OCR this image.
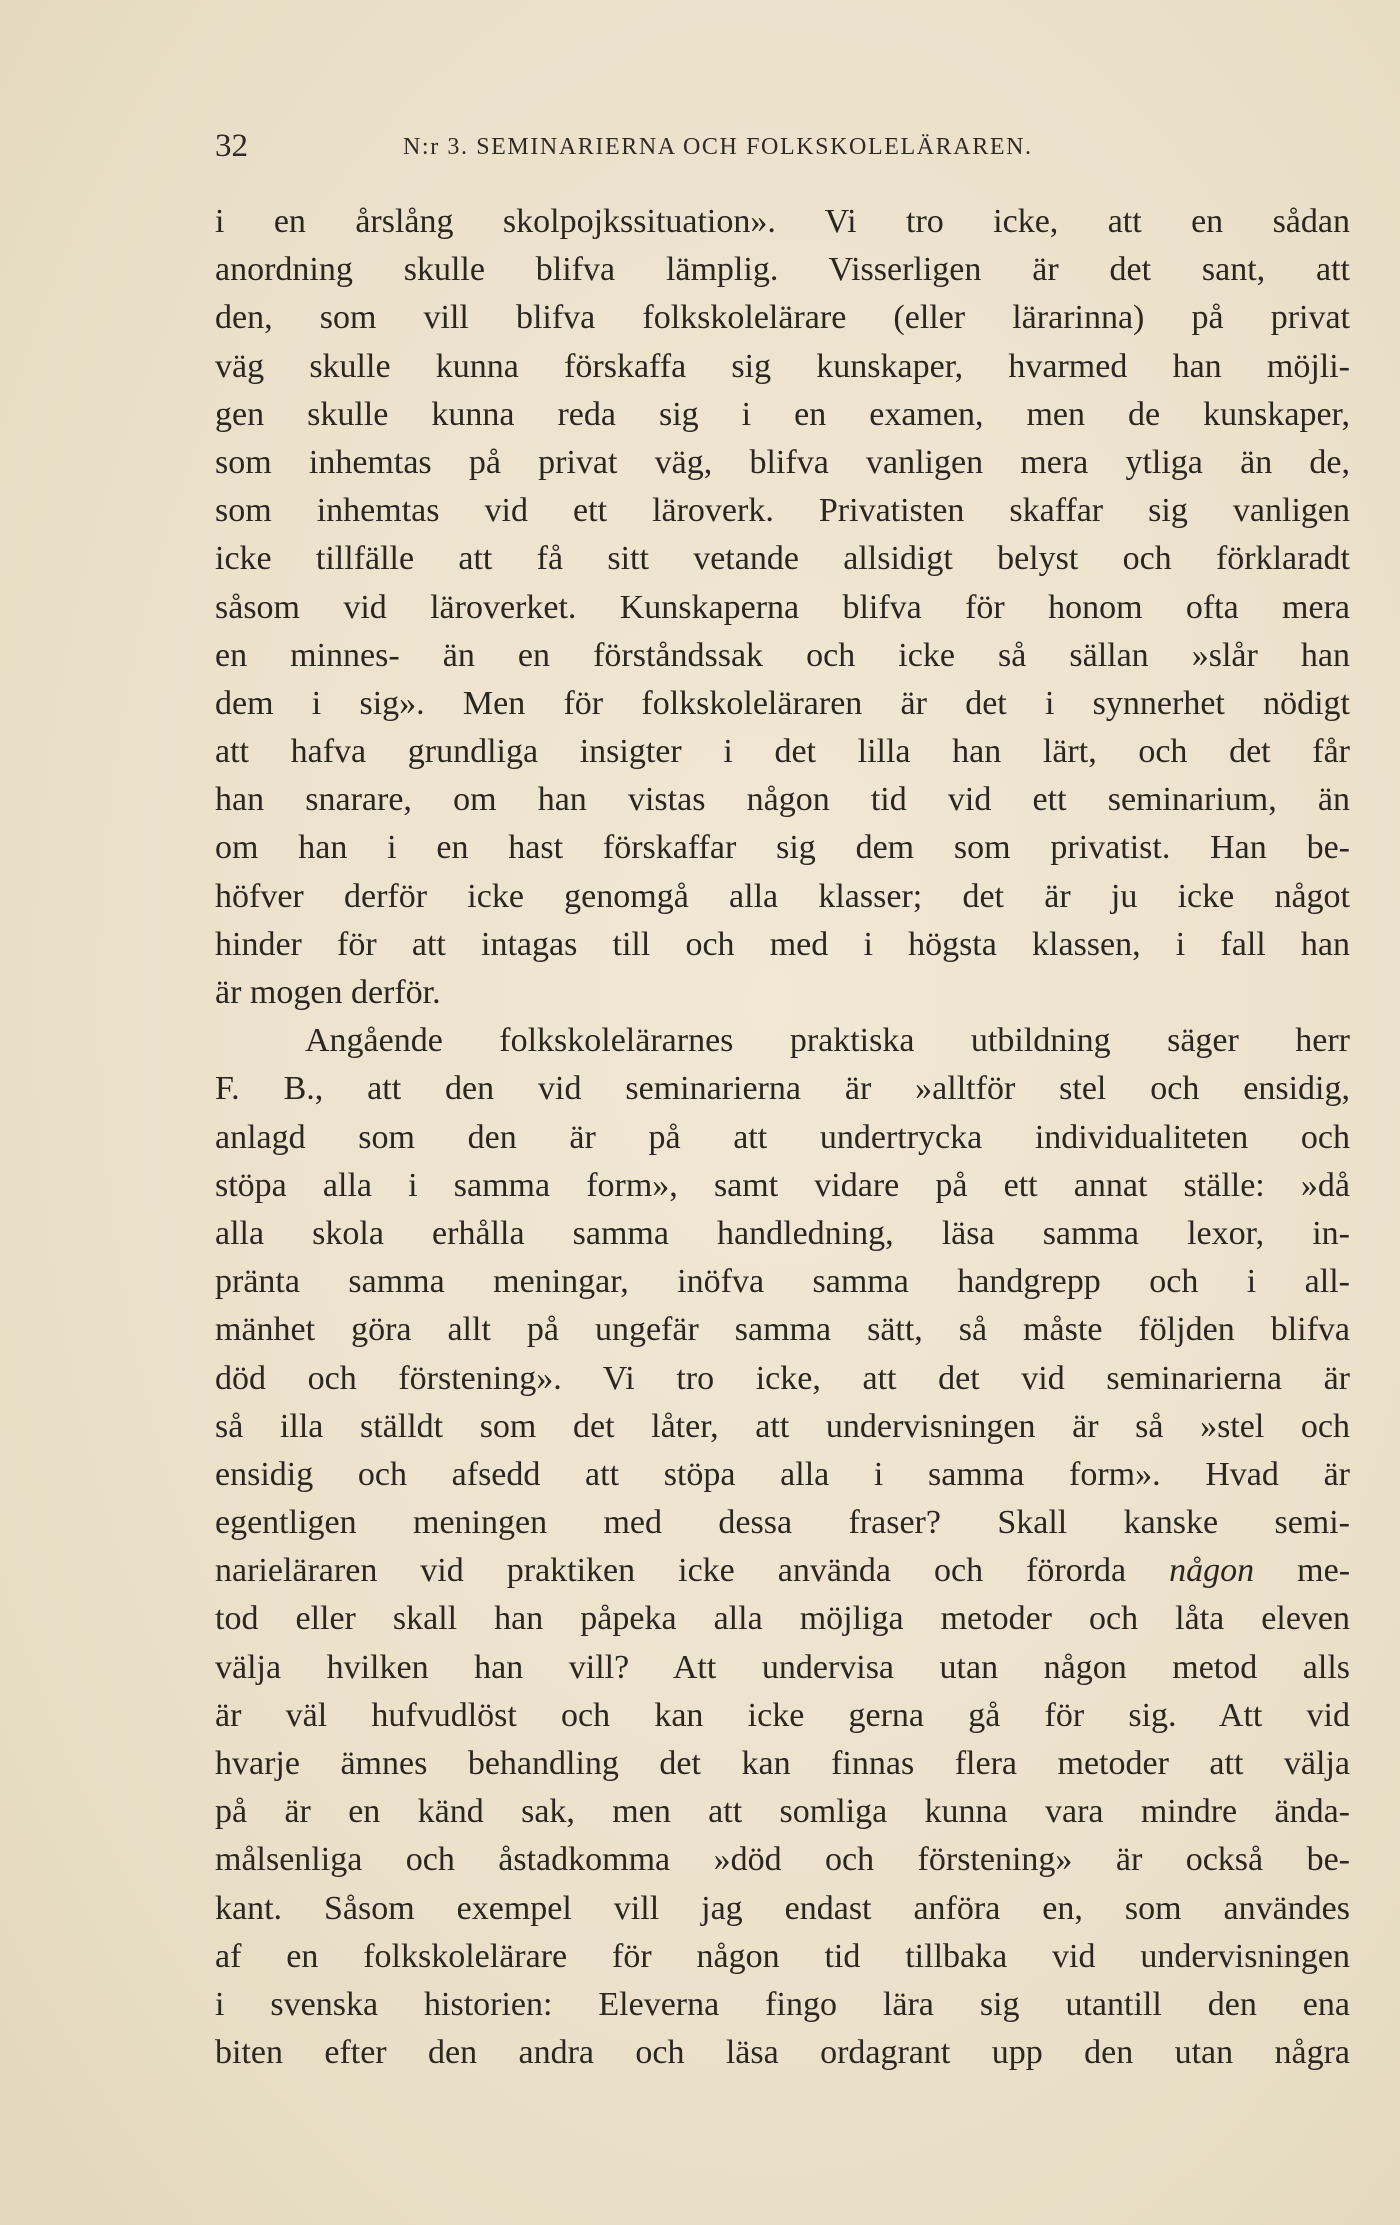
32	N:r 3. SEMINARIERNA OCH FOLKSKOLELÄRAREN.
i en årslång skolpojkssituation». Vi tro icke, att en sådan
anordning skulle blifva lämplig. Visserligen är det sant, att
den, som vill blifva folkskolelärare (eller lärarinna) på privat
väg skulle kunna förskaffa sig kunskaper, hvarmed han möjli-
gen skulle kunna reda sig i en examen, men de kunskaper,
som inhemtas på privat väg, blifva vanligen mera ytliga än de,
som inhemtas vid ett läroverk. Privatisten skaffar sig vanligen
icke tillfälle att få sitt vetande allsidigt belyst och förklaradt
såsom vid läroverket. Kunskaperna blifva för honom ofta mera
en minnes- än en förståndssak och icke så sällan »slår han
dem i sig». Men för folkskoleläraren är det i synnerhet nödigt
att hafva grundliga insigter i det lilla han lärt, och det får
han snarare, om han vistas någon tid vid ett seminarium, än
om han i en hast förskaffar sig dem som privatist. Han be-
höfver derför icke genomgå alla klasser; det är ju icke något
hinder för att intagas till och med i högsta klassen, i fall han
är mogen derför.
Angående folkskolelärarnes praktiska utbildning säger herr
F. B., att den vid seminarierna är »alltför stel och ensidig,
anlagd som den är på att undertrycka individualiteten och
stöpa alla i samma form», samt vidare på ett annat ställe: »då
alla skola erhålla samma handledning, läsa samma lexor, in-
pränta samma meningar, inöfva samma handgrepp och i all-
mänhet göra allt på ungefär samma sätt, så måste följden blifva
död och förstening». Vi tro icke, att det vid seminarierna är
så illa ställdt som det låter, att undervisningen är så »stel och
ensidig och afsedd att stöpa alla i samma form». Hvad är
egentligen meningen med dessa fraser? Skall kanske semi-
narieläraren vid praktiken icke använda och förorda någon me-
tod eller skall han påpeka alla möjliga metoder och låta eleven
välja hvilken han vill? Att undervisa utan någon metod alls
är väl hufvudlöst och kan icke gerna gå för sig. Att vid
hvarje ämnes behandling det kan finnas flera metoder att välja
på är en känd sak, men att somliga kunna vara mindre ända-
målsenliga och åstadkomma »död och förstening» är också be-
kant. Såsom exempel vill jag endast anföra en, som användes
af en folkskolelärare för någon tid tillbaka vid undervisningen
i svenska historien: Eleverna fingo lära sig utantill den ena
biten efter den andra och läsa ordagrant upp den utan några
